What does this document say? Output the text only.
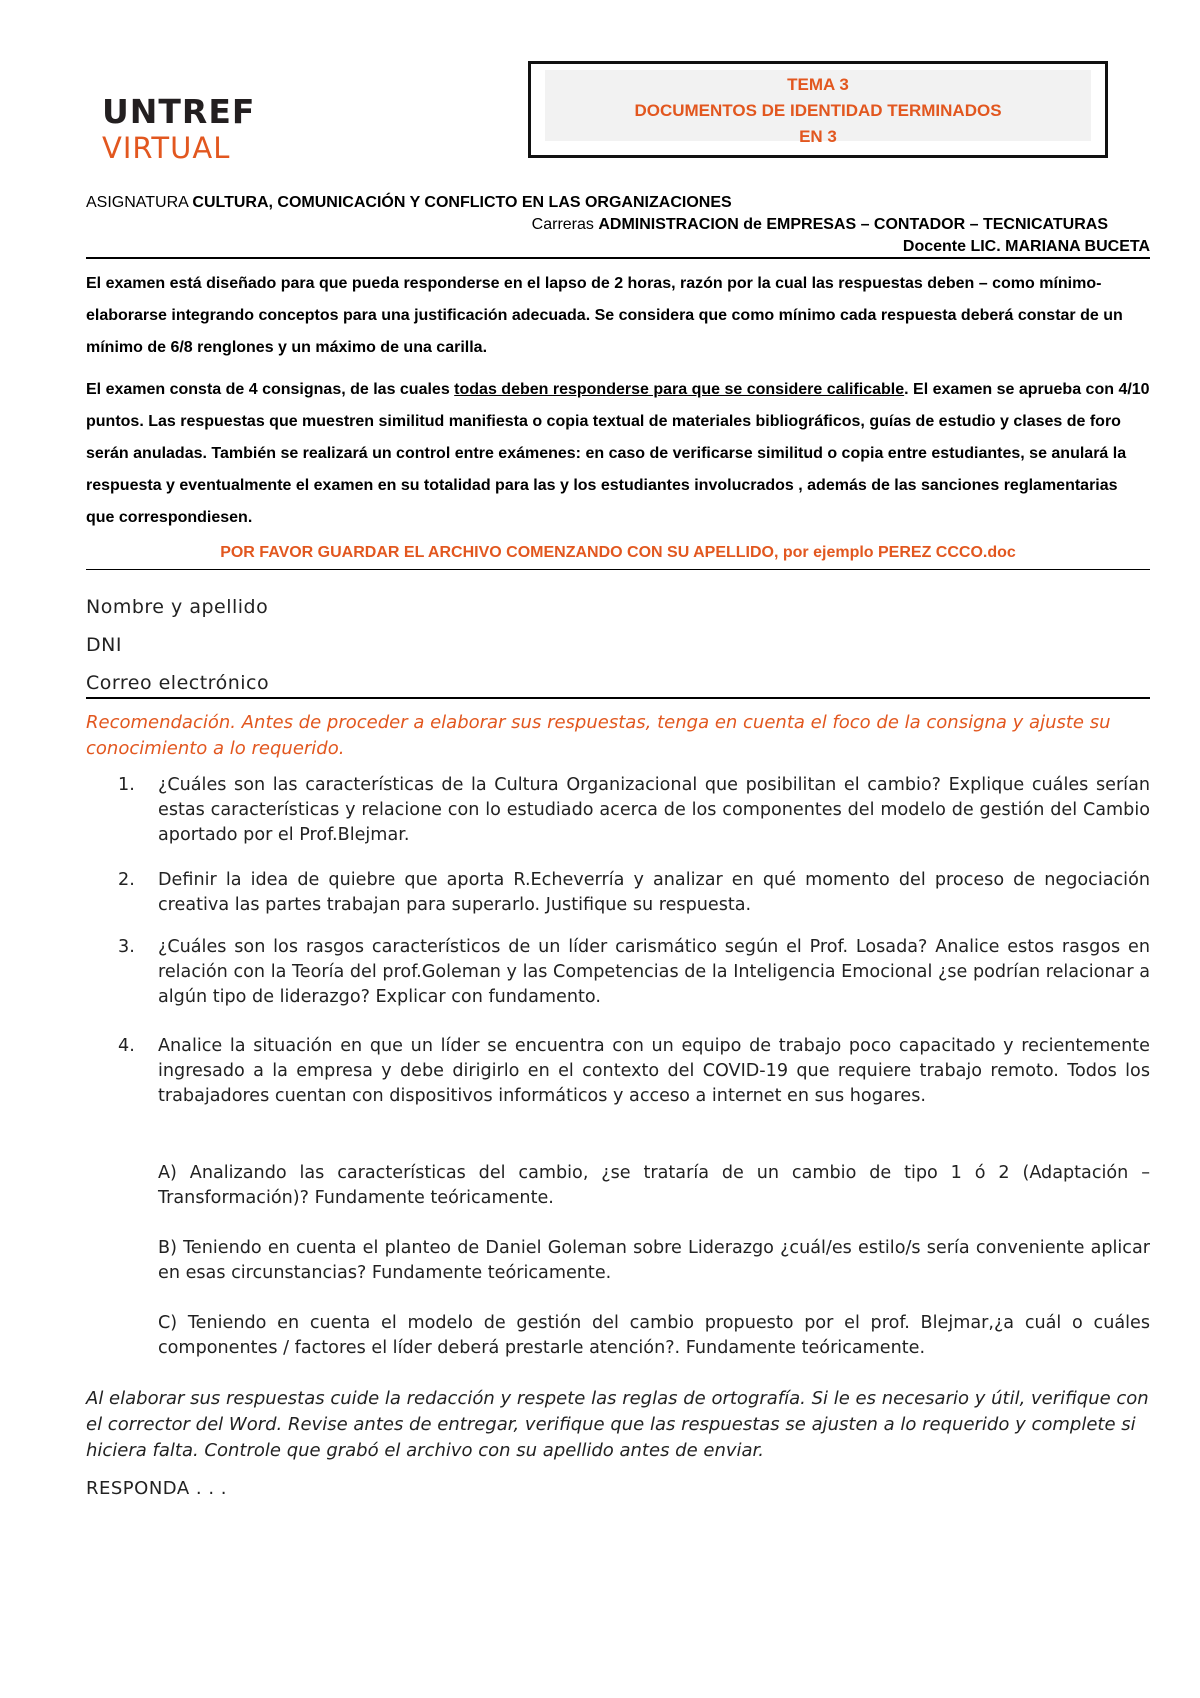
UNTREF
VIRTUAL
TEMA 3
DOCUMENTOS DE IDENTIDAD TERMINADOS
EN 3
ASIGNATURA CULTURA, COMUNICACIÓN Y CONFLICTO EN LAS ORGANIZACIONES
Carreras ADMINISTRACION de EMPRESAS – CONTADOR – TECNICATURAS
Docente LIC. MARIANA BUCETA

El examen está diseñado para que pueda responderse en el lapso de 2 horas, razón por la cual las respuestas deben – como mínimo- elaborarse integrando conceptos para una justificación adecuada. Se considera que como mínimo cada respuesta deberá constar de un mínimo de 6/8 renglones y un máximo de una carilla.

El examen consta de 4 consignas, de las cuales todas deben responderse para que se considere calificable. El examen se aprueba con 4/10 puntos. Las respuestas que muestren similitud manifiesta o copia textual de materiales bibliográficos, guías de estudio y clases de foro serán anuladas. También se realizará un control entre exámenes: en caso de verificarse similitud o copia entre estudiantes, se anulará la respuesta y eventualmente el examen en su totalidad para las y los estudiantes involucrados , además de las sanciones reglamentarias que correspondiesen.

POR FAVOR GUARDAR EL ARCHIVO COMENZANDO CON SU APELLIDO, por ejemplo PEREZ CCCO.doc
Nombre y apellido
DNI
Correo electrónico
Recomendación. Antes de proceder a elaborar sus respuestas, tenga en cuenta el foco de la consigna y ajuste su conocimiento a lo requerido.
1. ¿Cuáles son las características de la Cultura Organizacional que posibilitan el cambio? Explique cuáles serían estas características y relacione con lo estudiado acerca de los componentes del modelo de gestión del Cambio aportado por el Prof.Blejmar.
2. Definir la idea de quiebre que aporta R.Echeverría y analizar en qué momento del proceso de negociación creativa las partes trabajan para superarlo. Justifique su respuesta.
3. ¿Cuáles son los rasgos característicos de un líder carismático según el Prof. Losada? Analice estos rasgos en relación con la Teoría del prof.Goleman y las Competencias de la Inteligencia Emocional ¿se podrían relacionar a algún tipo de liderazgo? Explicar con fundamento.
4. Analice la situación en que un líder se encuentra con un equipo de trabajo poco capacitado y recientemente ingresado a la empresa y debe dirigirlo en el contexto del COVID-19 que requiere trabajo remoto. Todos los trabajadores cuentan con dispositivos informáticos y acceso a internet en sus hogares.
A) Analizando las características del cambio, ¿se trataría de un cambio de tipo 1 ó 2 (Adaptación – Transformación)? Fundamente teóricamente.
B) Teniendo en cuenta el planteo de Daniel Goleman sobre Liderazgo ¿cuál/es estilo/s sería conveniente aplicar en esas circunstancias? Fundamente teóricamente.
C) Teniendo en cuenta el modelo de gestión del cambio propuesto por el prof. Blejmar,¿a cuál o cuáles componentes / factores el líder deberá prestarle atención?. Fundamente teóricamente.
Al elaborar sus respuestas cuide la redacción y respete las reglas de ortografía. Si le es necesario y útil, verifique con el corrector del Word. Revise antes de entregar, verifique que las respuestas se ajusten a lo requerido y complete si hiciera falta. Controle que grabó el archivo con su apellido antes de enviar.
RESPONDA . . .
